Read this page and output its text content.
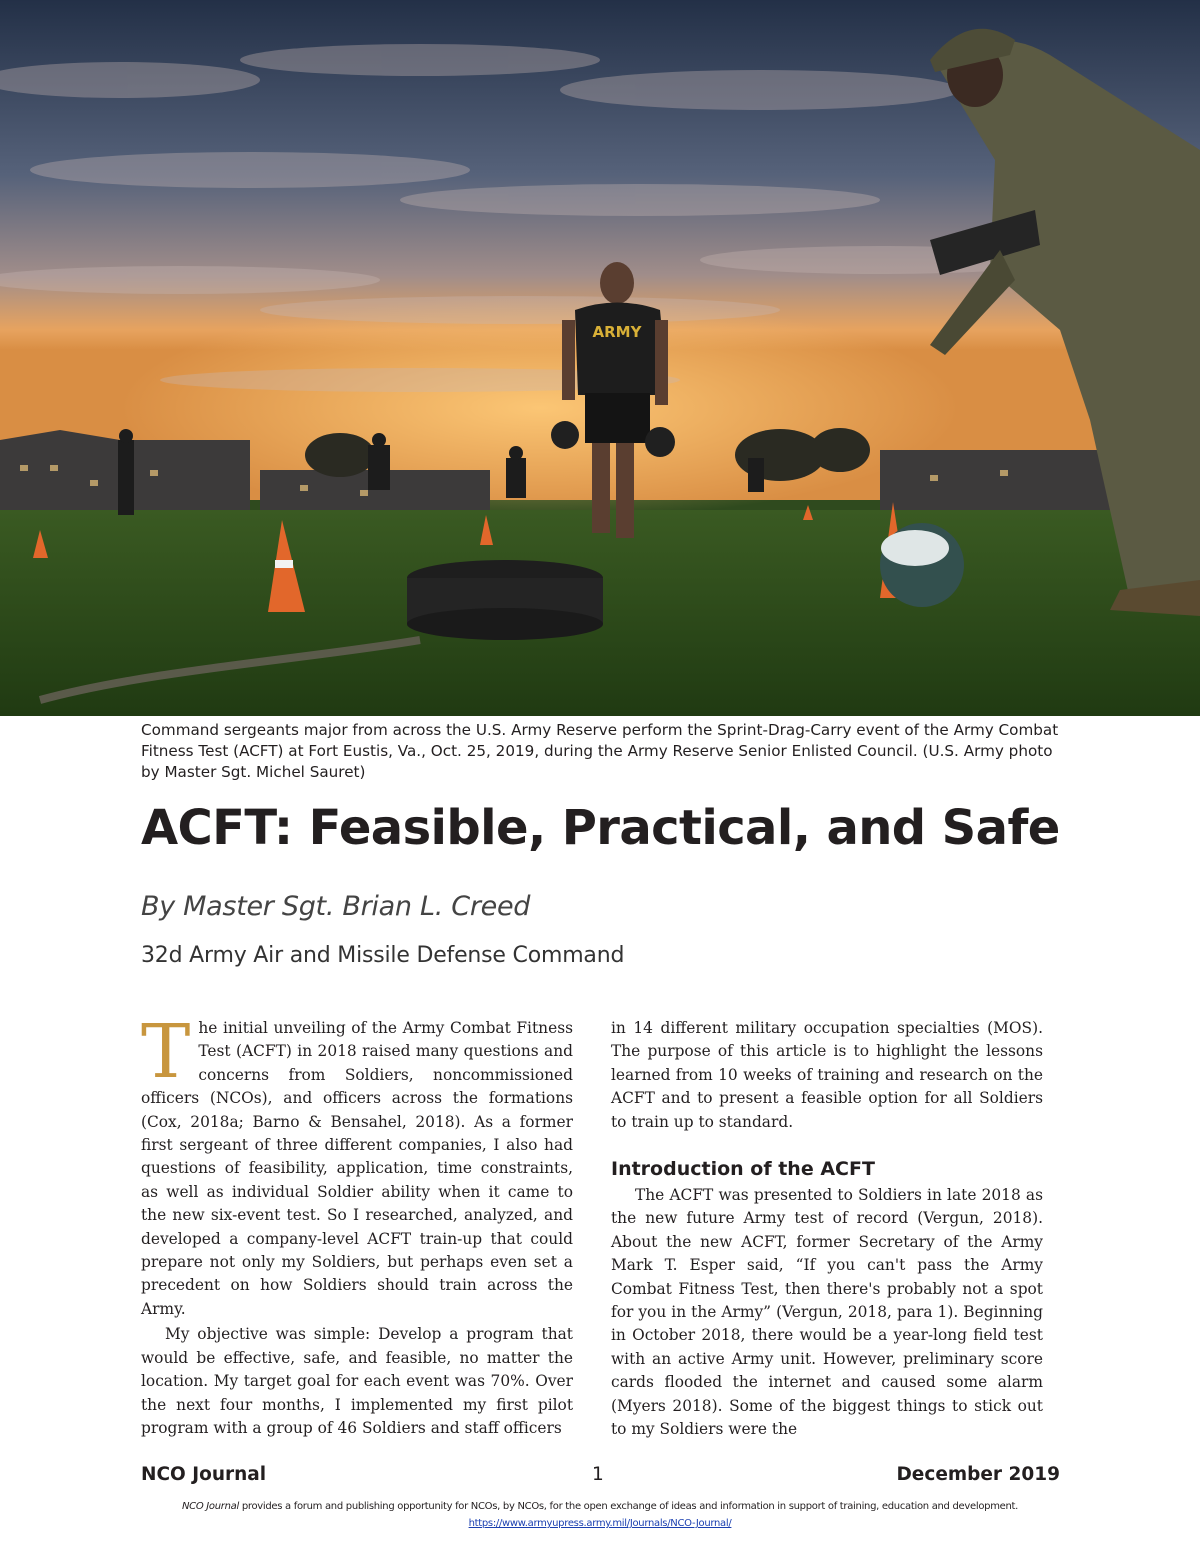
ARMY
Command sergeants major from across the U.S. Army Reserve perform the Sprint-Drag-Carry event of the Army Combat Fitness Test (ACFT) at Fort Eustis, Va., Oct. 25, 2019, during the Army Reserve Senior Enlisted Council. (U.S. Army photo by Master Sgt. Michel Sauret)
ACFT: Feasible, Practical, and Safe
By Master Sgt. Brian L. Creed
32d Army Air and Missile Defense Command

The initial unveiling of the Army Combat Fitness Test (ACFT) in 2018 raised many questions and concerns from Soldiers, noncommissioned officers (NCOs), and officers across the formations (Cox, 2018a; Barno & Bensahel, 2018). As a former first sergeant of three different companies, I also had questions of feasibility, application, time constraints, as well as individual Soldier ability when it came to the new six-event test. So I researched, analyzed, and developed a company-level ACFT train-up that could prepare not only my Soldiers, but perhaps even set a precedent on how Soldiers should train across the Army.

My objective was simple: Develop a program that would be effective, safe, and feasible, no matter the location. My target goal for each event was 70%. Over the next four months, I implemented my first pilot program with a group of 46 Soldiers and staff officers

in 14 different military occupation specialties (MOS). The purpose of this article is to highlight the lessons learned from 10 weeks of training and research on the ACFT and to present a feasible option for all Soldiers to train up to standard.

Introduction of the ACFT

The ACFT was presented to Soldiers in late 2018 as the new future Army test of record (Vergun, 2018). About the new ACFT, former Secretary of the Army Mark T. Esper said, “If you can't pass the Army Combat Fitness Test, then there's probably not a spot for you in the Army” (Vergun, 2018, para 1). Beginning in October 2018, there would be a year-long field test with an active Army unit. However, preliminary score cards flooded the internet and caused some alarm (Myers 2018). Some of the biggest things to stick out to my Soldiers were the

NCO Journal	1	December 2019
NCO Journal provides a forum and publishing opportunity for NCOs, by NCOs, for the open exchange of ideas and information in support of training, education and development.
https://www.armyupress.army.mil/Journals/NCO-Journal/
